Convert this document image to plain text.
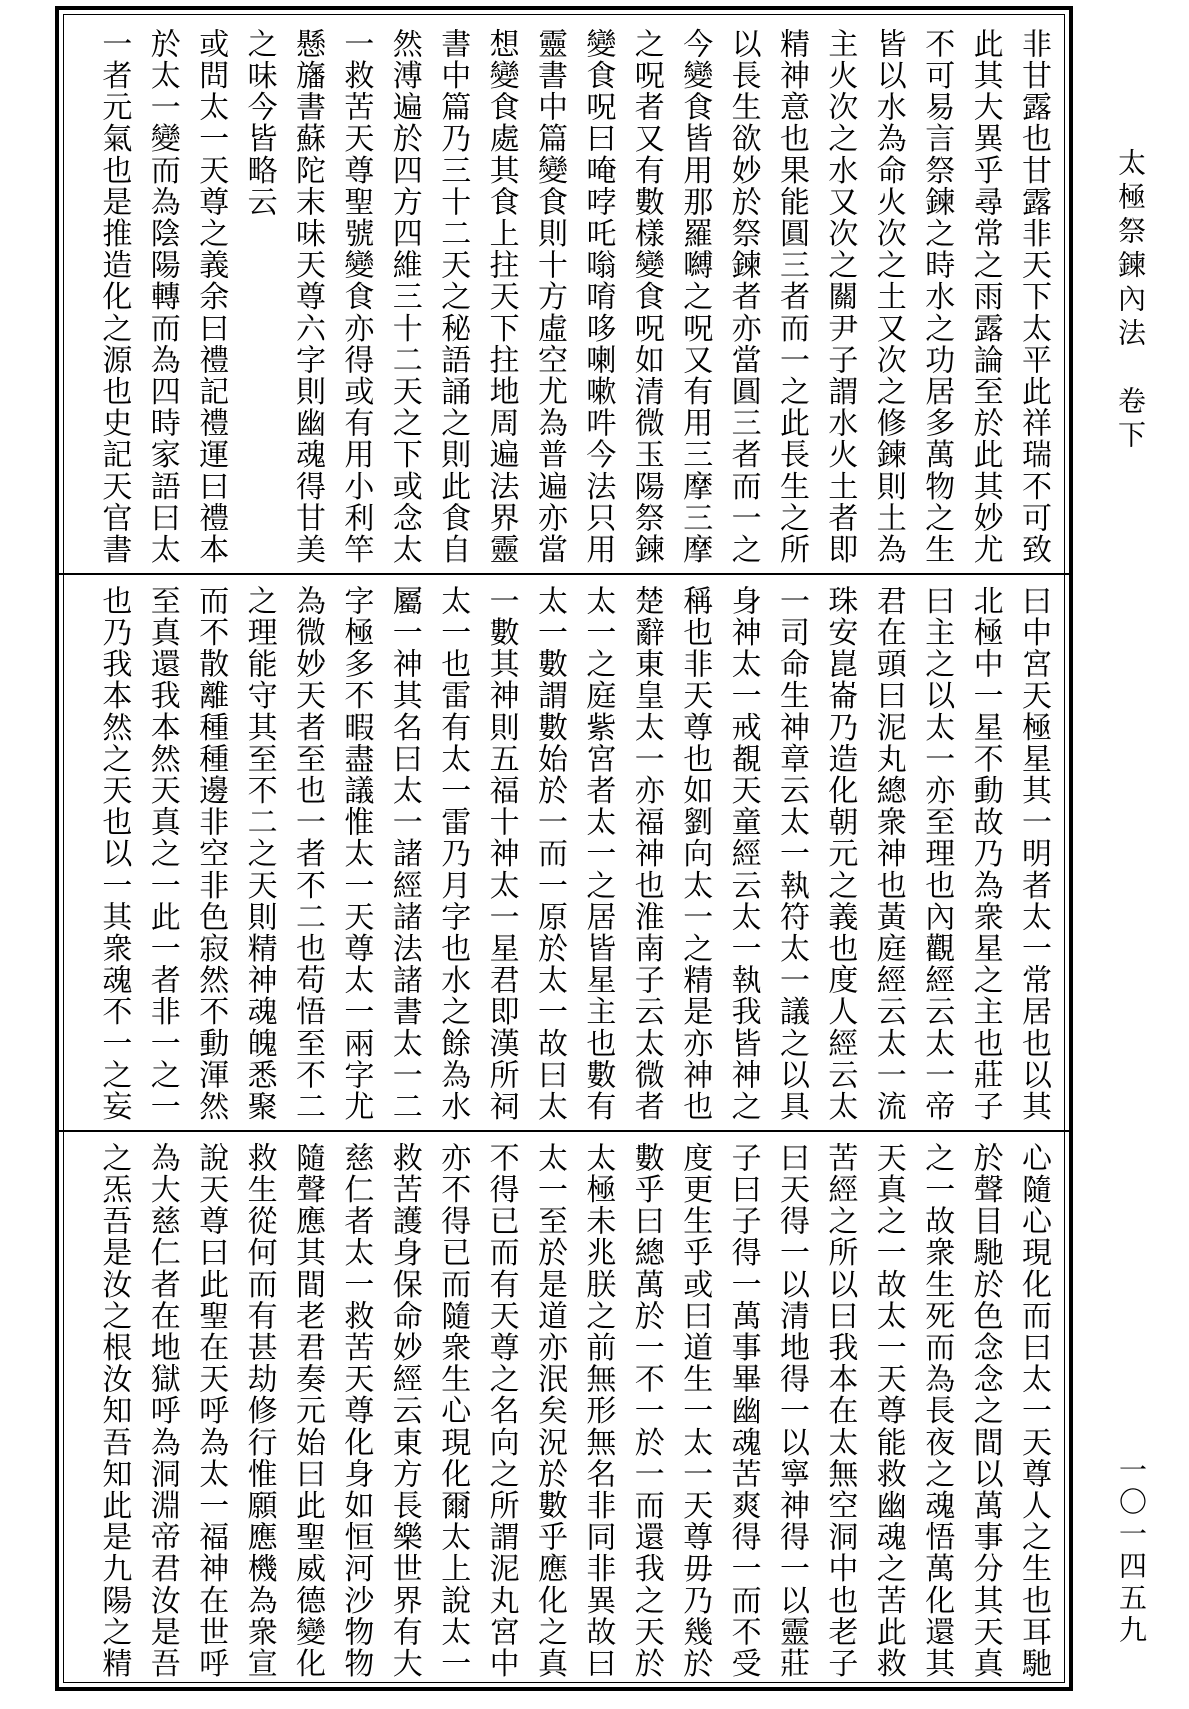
非甘露也甘露非天下太平此祥瑞不可致
此其大異乎尋常之雨露論至於此其妙尤
不可易言祭鍊之時水之功居多萬物之生
皆以水為命火次之土又次之修鍊則土為
主火次之水又次之關尹子謂水火土者即
精神意也果能圓三者而一之此長生之所
以長生欲妙於祭鍊者亦當圓三者而一之
今變食皆用那羅嚩之呪又有用三摩三摩
之呪者又有數樣變食呪如清微玉陽祭鍊
變食呪曰唵哱吒嗡唷哆喇嗽吽今法只用
靈書中篇變食則十方虛空尤為普遍亦當
想變食處其食上拄天下拄地周遍法界靈
書中篇乃三十二天之秘語誦之則此食自
然溥遍於四方四維三十二天之下或念太
一救苦天尊聖號變食亦得或有用小利竿
懸旛書蘇陀末味天尊六字則幽魂得甘美
之味今皆略云
或問太一天尊之義余曰禮記禮運曰禮本
於太一變而為陰陽轉而為四時家語曰太
一者元氣也是推造化之源也史記天官書
曰中宮天極星其一明者太一常居也以其
北極中一星不動故乃為衆星之主也莊子
曰主之以太一亦至理也內觀經云太一帝
君在頭曰泥丸總衆神也黃庭經云太一流
珠安崑崙乃造化朝元之義也度人經云太
一司命生神章云太一執符太一議之以具
身神太一戒覩天童經云太一執我皆神之
稱也非天尊也如劉向太一之精是亦神也
楚辭東皇太一亦福神也淮南子云太微者
太一之庭紫宮者太一之居皆星主也數有
太一數謂數始於一而一原於太一故曰太
一數其神則五福十神太一星君即漢所祠
太一也雷有太一雷乃月字也水之餘為水
屬一神其名曰太一諸經諸法諸書太一二
字極多不暇盡議惟太一天尊太一兩字尤
為微妙天者至也一者不二也苟悟至不二
之理能守其至不二之天則精神魂魄悉聚
而不散離種種邊非空非色寂然不動渾然
至真還我本然天真之一此一者非一之一
也乃我本然之天也以一其衆魂不一之妄
心隨心現化而曰太一天尊人之生也耳馳
於聲目馳於色念念之間以萬事分其天真
之一故衆生死而為長夜之魂悟萬化還其
天真之一故太一天尊能救幽魂之苦此救
苦經之所以曰我本在太無空洞中也老子
曰天得一以清地得一以寧神得一以靈莊
子曰子得一萬事畢幽魂苦爽得一而不受
度更生乎或曰道生一太一天尊毋乃幾於
數乎曰總萬於一不一於一而還我之天於
太極未兆朕之前無形無名非同非異故曰
太一至於是道亦泯矣況於數乎應化之真
不得已而有天尊之名向之所謂泥丸宮中
亦不得已而隨衆生心現化爾太上說太一
救苦護身保命妙經云東方長樂世界有大
慈仁者太一救苦天尊化身如恒河沙物物
隨聲應其間老君奏元始曰此聖威德變化
救生從何而有甚劫修行惟願應機為衆宣
說天尊曰此聖在天呼為太一福神在世呼
為大慈仁者在地獄呼為洞淵帝君汝是吾
之炁吾是汝之根汝知吾知此是九陽之精
太極祭鍊內法　卷下
一〇一四五九
